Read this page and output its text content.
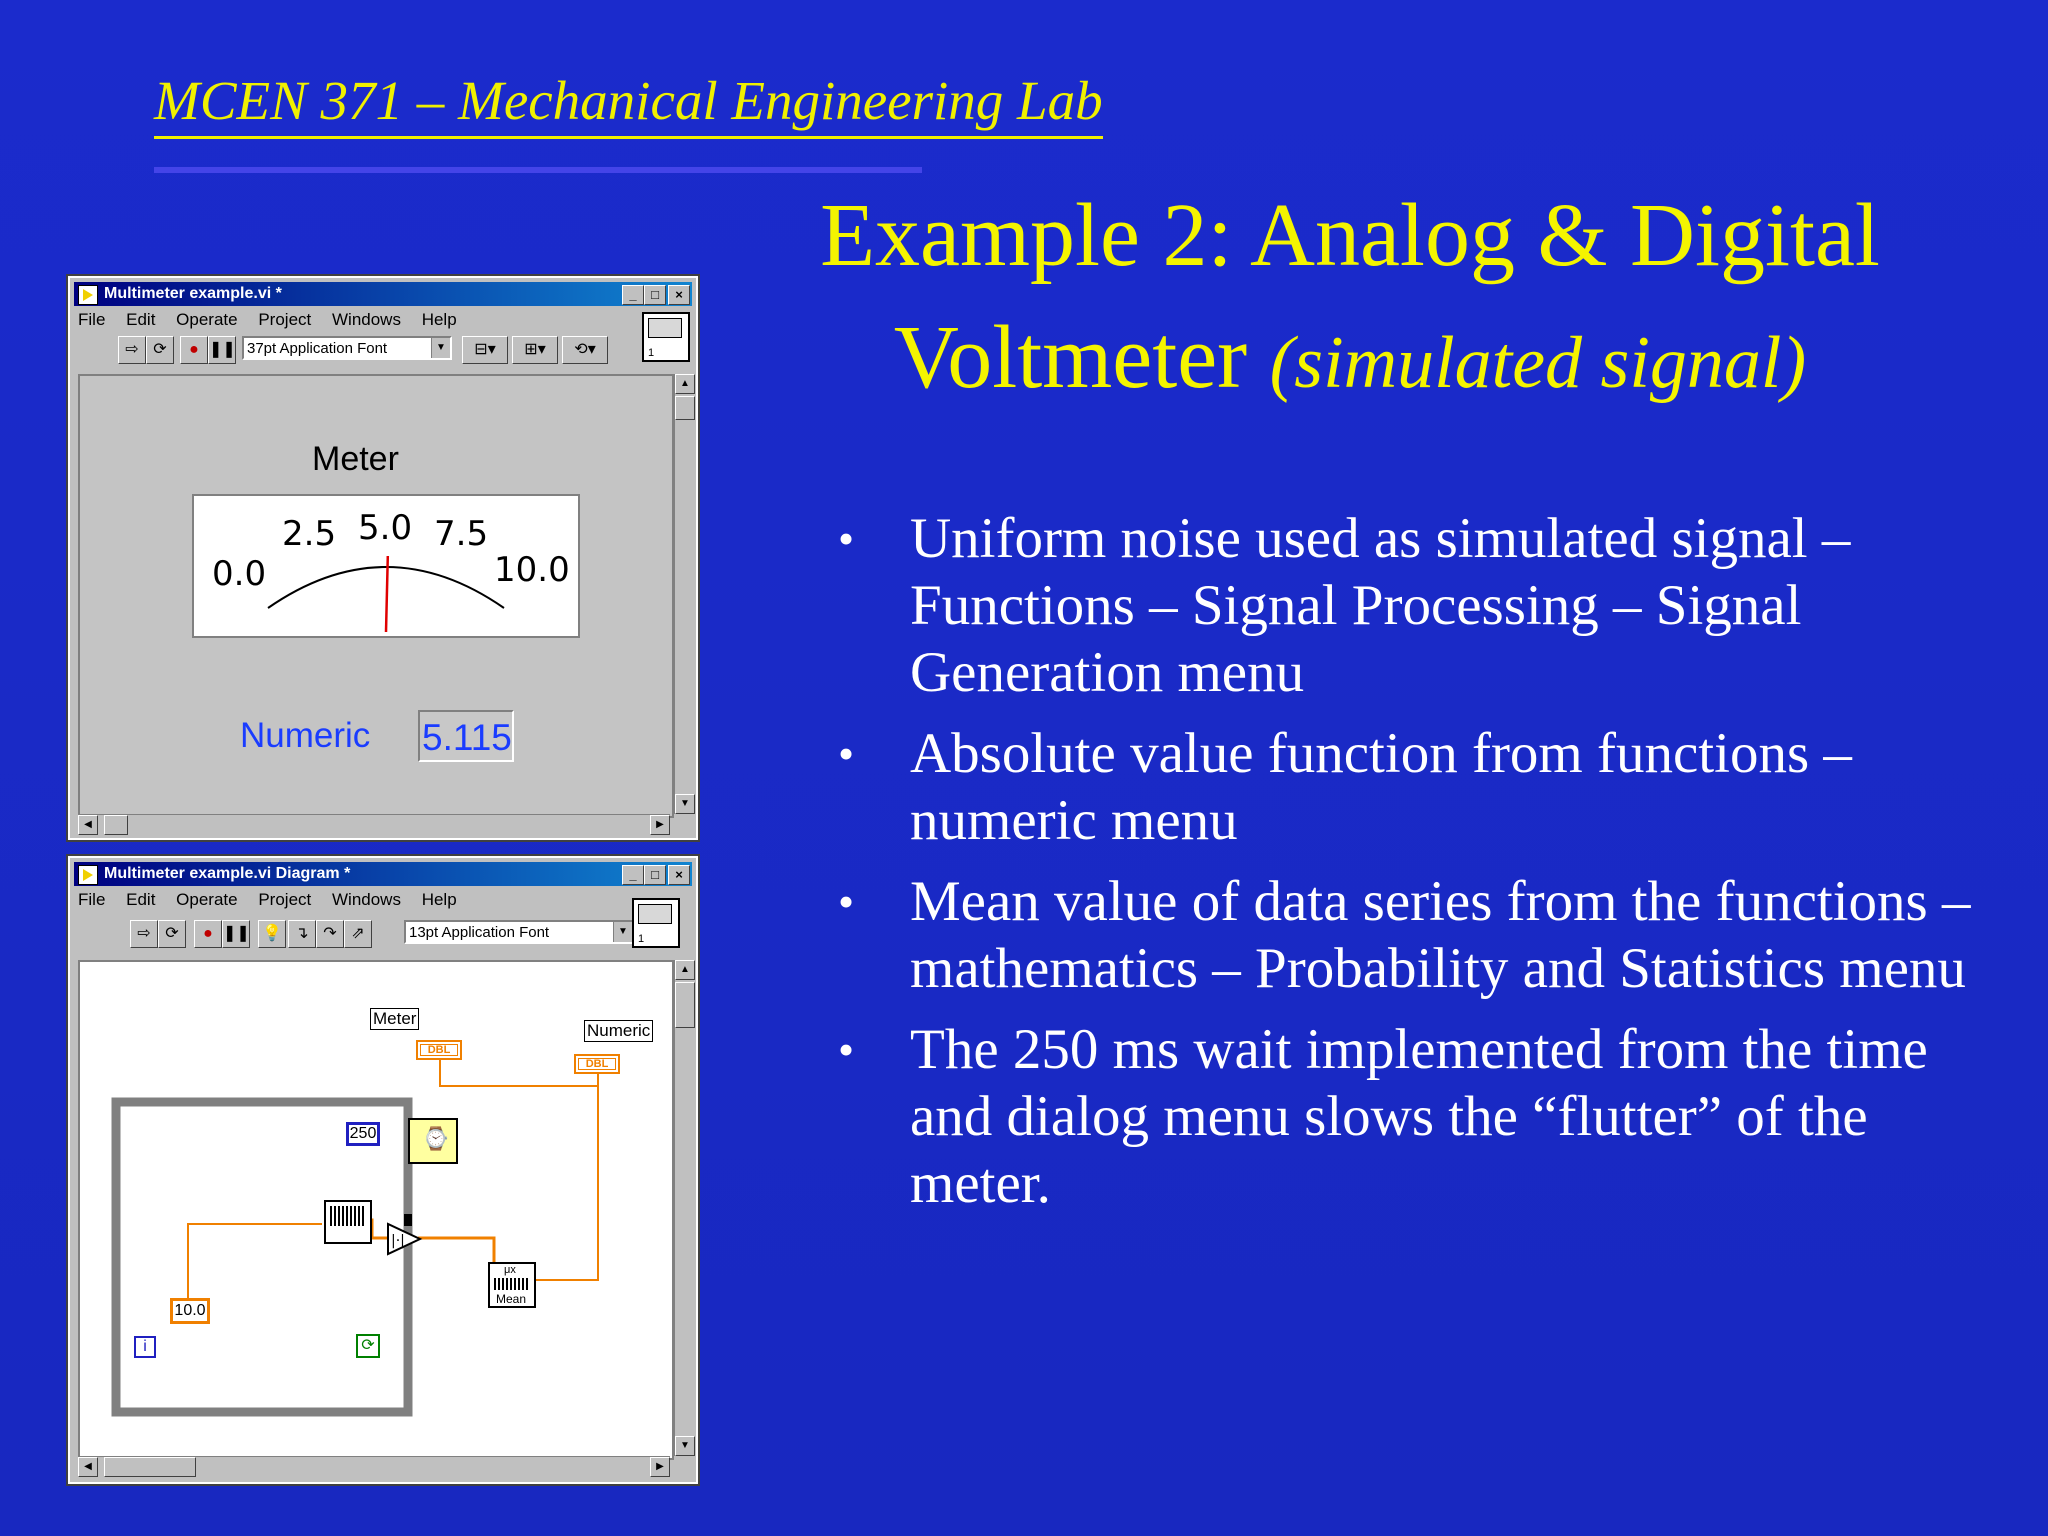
MCEN 371 – Mechanical Engineering Lab
Example 2: Analog & Digital
Voltmeter (simulated signal)
• Uniform noise used as simulated signal – Functions – Signal Processing – Signal Generation menu
• Absolute value function from functions – numeric menu
• Mean value of data series from the functions – mathematics – Probability and Statistics menu
• The 250 ms wait implemented from the time and dialog menu slows the “flutter” of the meter.
Multimeter example.vi *	_	□	×
File Edit Operate Project Windows Help
⇨ ⟳	● ❚❚ 37pt Application Font	▼	⊟▾	⊞▾	⟲▾	1
Meter
0.0
2.5 5.0 7.5
10.0
Numeric 5.115
▲
▼
◀	▶
Multimeter example.vi Diagram *	_	□	×
File Edit Operate Project Windows Help
⇨ ⟳	● ❚❚ 💡 ↴ ↷ ⇗	13pt Application Font	▼
1
|·|
Meter
Numeric
DBL
DBL
250 ⌚
μx
Mean
10.0
i	⟳
▲
▼
◀	▶
